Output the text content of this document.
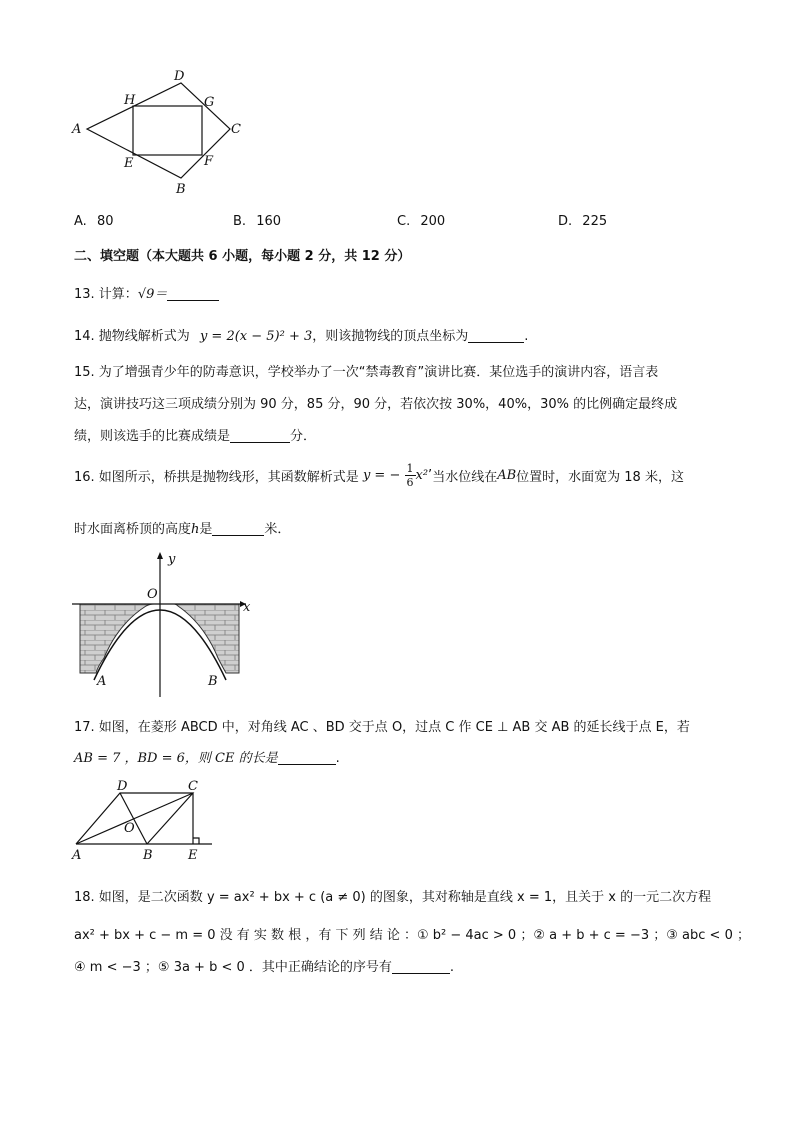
A
B
C
D
E	F
G
H
A. 80	B. 160	C. 200	D. 225
二、填空题（本大题共 6 小题，每小题 2 分，共 12 分）
13. 计算：√9＝
14. 抛物线解析式为 y = 2(x − 5)² + 3，则该抛物线的顶点坐标为	.
15. 为了增强青少年的防毒意识，学校举办了一次“禁毒教育”演讲比赛．某位选手的演讲内容，语言表
达，演讲技巧这三项成绩分别为 90 分，85 分，90 分，若依次按 30%，40%，30% 的比例确定最终成
绩，则该选手的比赛成绩是	分．
16. 如图所示，桥拱是抛物线形，其函数解析式是 y = − $\frac{1}{6} x^2$’当水位线在AB位置时，水面宽为 18 米，这
时水面离桥顶的高度h是	米．
O
x
y
A	B
17. 如图，在菱形 ABCD 中，对角线 AC 、BD 交于点 O，过点 C 作 CE ⊥ AB 交 AB 的延长线于点 E，若
AB = 7 ，BD = 6，则 CE 的长是	.
A	B
C
D
O
E
18. 如图，是二次函数 y = ax² + bx + c (a ≠ 0) 的图象，其对称轴是直线 x = 1，且关于 x 的一元二次方程
ax² + bx + c − m = 0 没 有 实 数 根 ，有 下 列 结 论 ：① b² − 4ac > 0 ；② a + b + c = −3 ；③ abc < 0 ；
④ m < −3 ；⑤ 3a + b < 0 ．其中正确结论的序号有	.
